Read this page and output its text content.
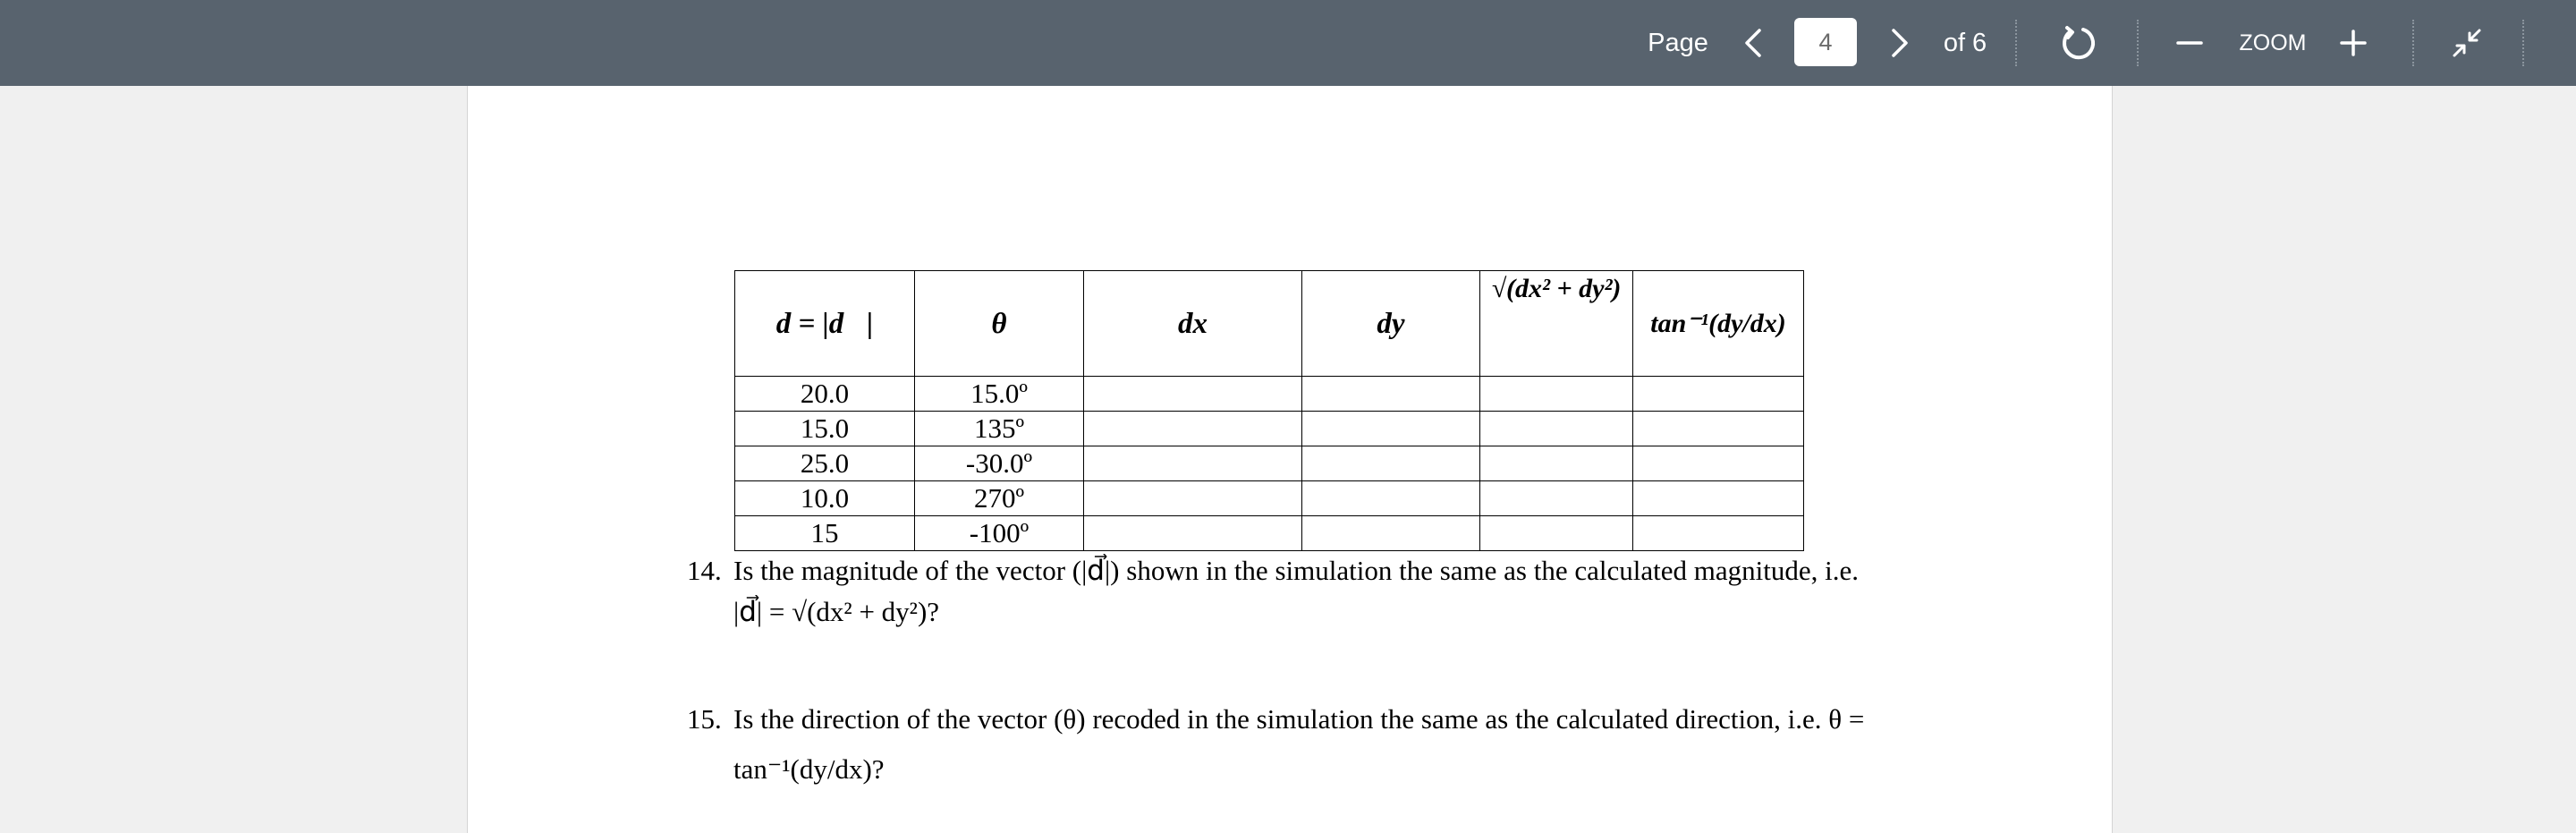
Page
4	of 6	ZOOM
d = |d⃗|	θ	dx	dy	√(dx² + dy²)	tan⁻¹(dy/dx)
20.0	15.0º				
15.0	135º				
25.0	-30.0º				
10.0	270º				
15	-100º				
14. Is the magnitude of the vector (|d⃗|) shown in the simulation the same as the calculated magnitude, i.e.
|d⃗| = √(dx² + dy²)?
15. Is the direction of the vector (θ) recoded in the simulation the same as the calculated direction, i.e. θ =
tan⁻¹(dy/dx)?
